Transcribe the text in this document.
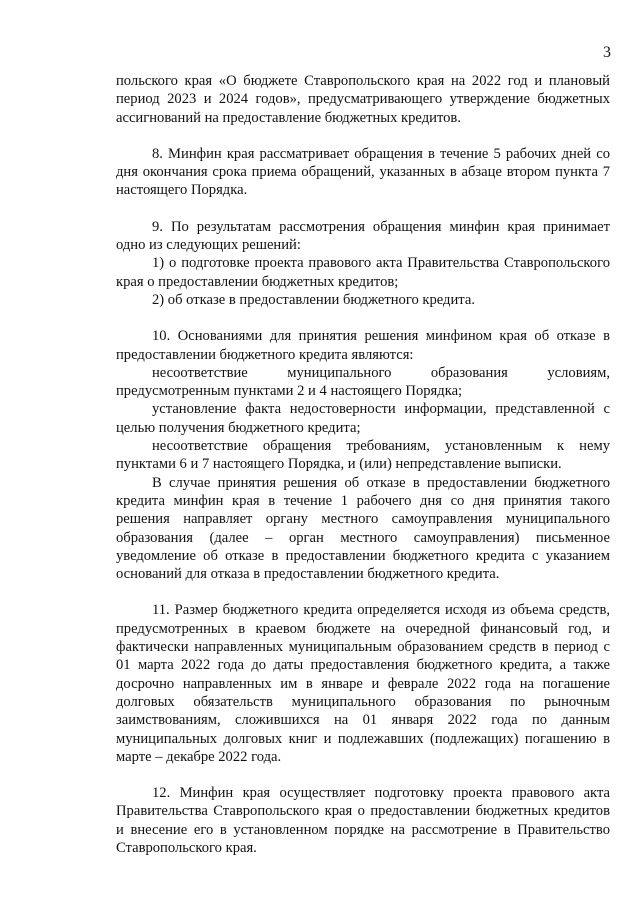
3

польского края «О бюджете Ставропольского края на 2022 год и плановый период 2023 и 2024 годов», предусматривающего утверждение бюджетных ассигнований на предоставление бюджетных кредитов.

8. Минфин края рассматривает обращения в течение 5 рабочих дней со дня окончания срока приема обращений, указанных в абзаце втором пункта 7 настоящего Порядка.

9. По результатам рассмотрения обращения минфин края принимает одно из следующих решений:

1) о подготовке проекта правового акта Правительства Ставропольского края о предоставлении бюджетных кредитов;

2) об отказе в предоставлении бюджетного кредита.

10. Основаниями для принятия решения минфином края об отказе в предоставлении бюджетного кредита являются:

несоответствие муниципального образования условиям, предусмотренным пунктами 2 и 4 настоящего Порядка;

установление факта недостоверности информации, представленной с целью получения бюджетного кредита;

несоответствие обращения требованиям, установленным к нему пунктами 6 и 7 настоящего Порядка, и (или) непредставление выписки.

В случае принятия решения об отказе в предоставлении бюджетного кредита минфин края в течение 1 рабочего дня со дня принятия такого решения направляет органу местного самоуправления муниципального образования (далее – орган местного самоуправления) письменное уведомление об отказе в предоставлении бюджетного кредита с указанием оснований для отказа в предоставлении бюджетного кредита.

11. Размер бюджетного кредита определяется исходя из объема средств, предусмотренных в краевом бюджете на очередной финансовый год, и фактически направленных муниципальным образованием средств в период с 01 марта 2022 года до даты предоставления бюджетного кредита, а также досрочно направленных им в январе и феврале 2022 года на погашение долговых обязательств муниципального образования по рыночным заимствованиям, сложившихся на 01 января 2022 года по данным муниципальных долговых книг и подлежавших (подлежащих) погашению в марте – декабре 2022 года.

12. Минфин края осуществляет подготовку проекта правового акта Правительства Ставропольского края о предоставлении бюджетных кредитов и внесение его в установленном порядке на рассмотрение в Правительство Ставропольского края.
